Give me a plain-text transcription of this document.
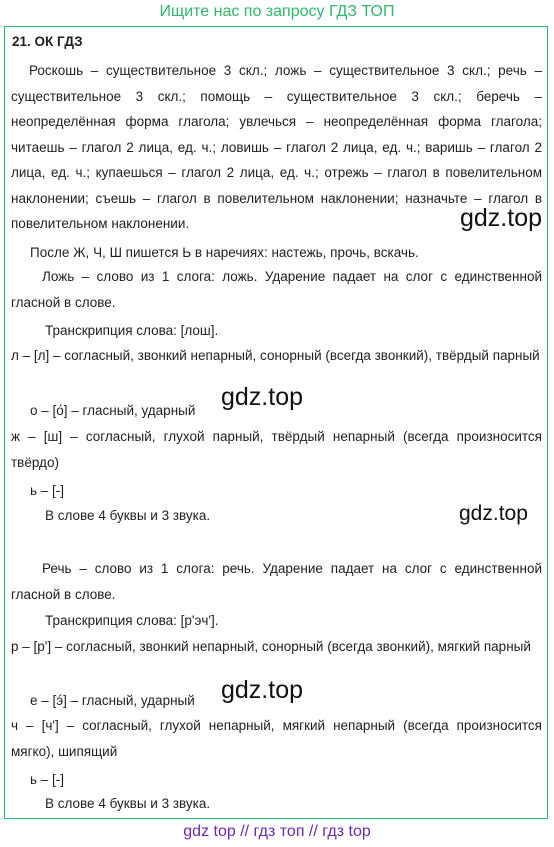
Ищите нас по запросу ГДЗ ТОП
21. ОК ГДЗ
Роскошь – существительное 3 скл.; ложь – существительное 3 скл.; речь – существительное 3 скл.; помощь – существительное 3 скл.; беречь – неопределённая форма глагола; увлечься – неопределённая форма глагола; читаешь – глагол 2 лица, ед. ч.; ловишь – глагол 2 лица, ед. ч.; варишь – глагол 2 лица, ед. ч.; купаешься – глагол 2 лица, ед. ч.; отрежь – глагол в повелительном наклонении; съешь – глагол в повелительном наклонении; назначьте – глагол в повелительном наклонении.	gdz.top
После Ж, Ч, Ш пишется Ь в наречиях: настежь, прочь, вскачь.
Ложь – слово из 1 слога: ложь. Ударение падает на слог с единственной гласной в слове.
Транскрипция слова: [лош].
л – [л] – согласный, звонкий непарный, сонорный (всегда звонкий), твёрдый парный
о – [о́] – гласный, ударный gdz.top
ж – [ш] – согласный, глухой парный, твёрдый непарный (всегда произносится твёрдо)
ь – [-]
В слове 4 буквы и 3 звука.	gdz.top
Речь – слово из 1 слога: речь. Ударение падает на слог с единственной гласной в слове.
Транскрипция слова: [р'эч'].
р – [р'] – согласный, звонкий непарный, сонорный (всегда звонкий), мягкий парный
е – [э́] – гласный, ударный gdz.top
ч – [ч'] – согласный, глухой непарный, мягкий непарный (всегда произносится мягко), шипящий
ь – [-]
В слове 4 буквы и 3 звука.
gdz top // гдз топ // гдз top
